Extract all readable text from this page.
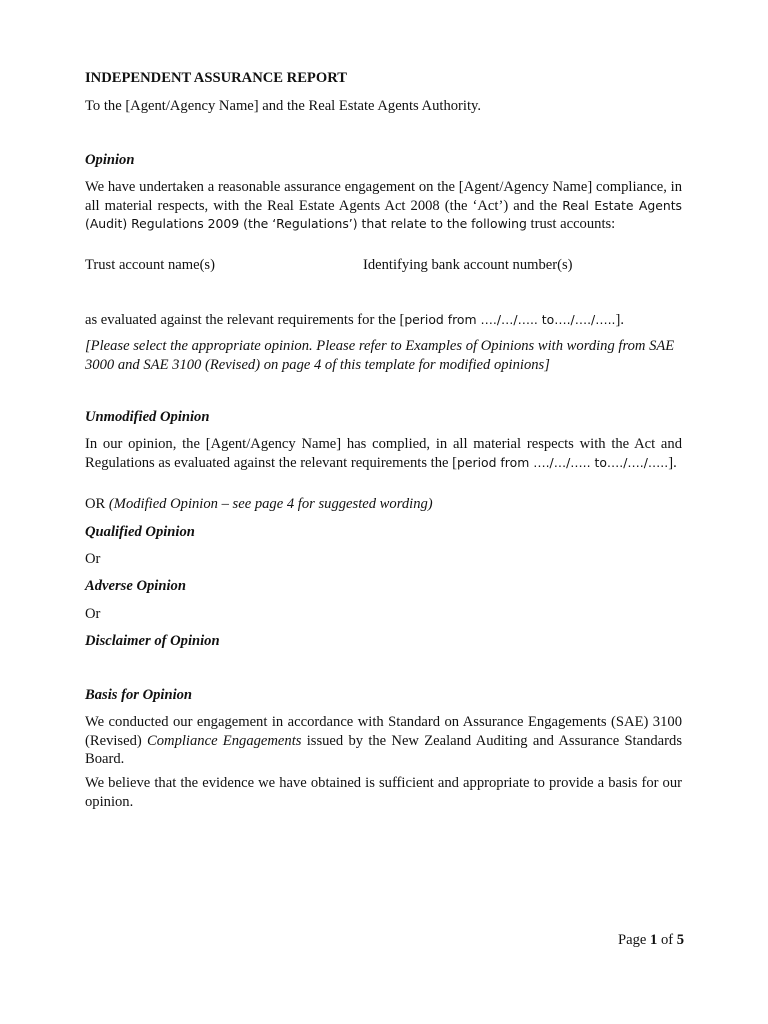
INDEPENDENT ASSURANCE REPORT

To the [Agent/Agency Name] and the Real Estate Agents Authority.

Opinion

We have undertaken a reasonable assurance engagement on the [Agent/Agency Name] compliance, in all material respects, with the Real Estate Agents Act 2008 (the ‘Act’) and the Real Estate Agents (Audit) Regulations 2009 (the ‘Regulations’) that relate to the following trust accounts:

Trust account name(s)	Identifying bank account number(s)

as evaluated against the relevant requirements for the [period from …./…/….. to…./…./…..].

[Please select the appropriate opinion. Please refer to Examples of Opinions with wording from SAE 3000 and SAE 3100 (Revised) on page 4 of this template for modified opinions]

Unmodified Opinion

In our opinion, the [Agent/Agency Name] has complied, in all material respects with the Act and Regulations as evaluated against the relevant requirements the [period from …./…/….. to…./…./…..].

OR (Modified Opinion – see page 4 for suggested wording)

Qualified Opinion

Or

Adverse Opinion

Or

Disclaimer of Opinion

Basis for Opinion

We conducted our engagement in accordance with Standard on Assurance Engagements (SAE) 3100 (Revised) Compliance Engagements issued by the New Zealand Auditing and Assurance Standards Board.

We believe that the evidence we have obtained is sufficient and appropriate to provide a basis for our opinion.

Page 1 of 5
